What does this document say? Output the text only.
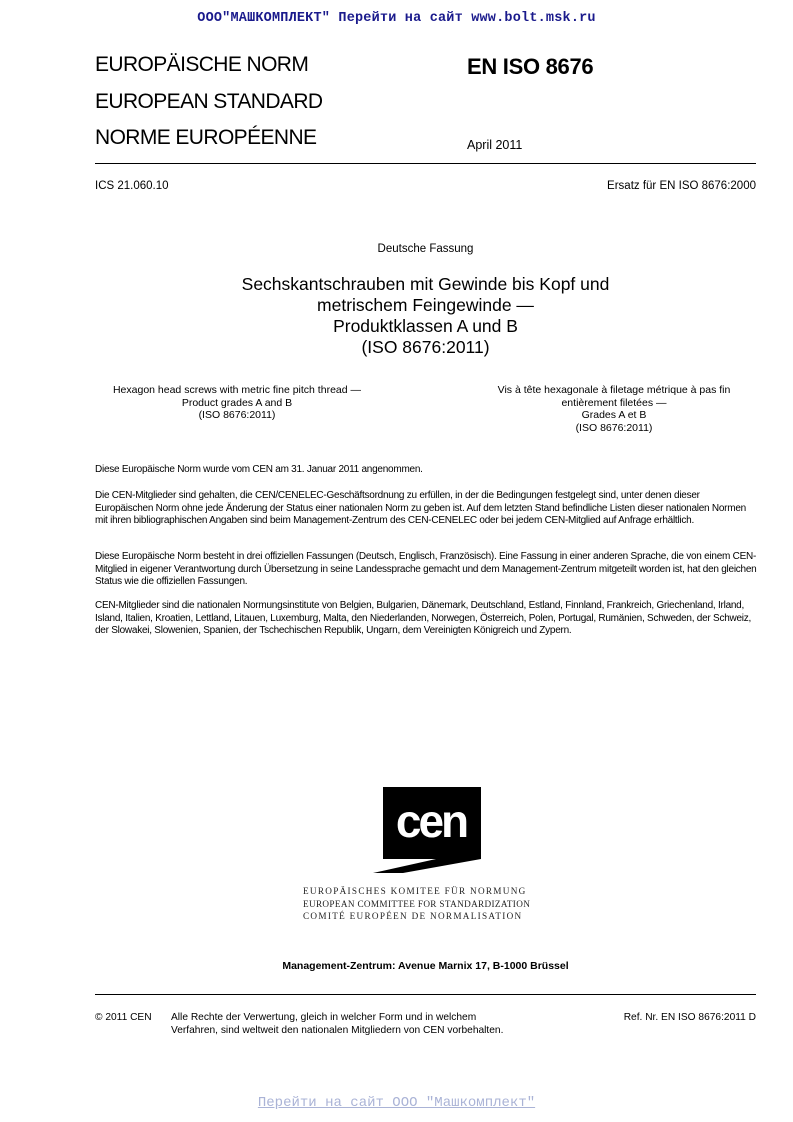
ООО"МАШКОМПЛЕКТ" Перейти на сайт www.bolt.msk.ru
EUROPÄISCHE NORM
EUROPEAN STANDARD
NORME EUROPÉENNE
EN ISO 8676
April 2011
ICS 21.060.10	Ersatz für EN ISO 8676:2000
Deutsche Fassung
Sechskantschrauben mit Gewinde bis Kopf und
metrischem Feingewinde —
Produktklassen A und B
(ISO 8676:2011)
Hexagon head screws with metric fine pitch thread —
Product grades A and B
(ISO 8676:2011)
Vis à tête hexagonale à filetage métrique à pas fin
entièrement filetées —
Grades A et B
(ISO 8676:2011)
Diese Europäische Norm wurde vom CEN am 31. Januar 2011 angenommen.
Die CEN-Mitglieder sind gehalten, die CEN/CENELEC-Geschäftsordnung zu erfüllen, in der die Bedingungen festgelegt sind, unter denen dieser Europäischen Norm ohne jede Änderung der Status einer nationalen Norm zu geben ist. Auf dem letzten Stand befindliche Listen dieser nationalen Normen mit ihren bibliographischen Angaben sind beim Management-Zentrum des CEN-CENELEC oder bei jedem CEN-Mitglied auf Anfrage erhältlich.
Diese Europäische Norm besteht in drei offiziellen Fassungen (Deutsch, Englisch, Französisch). Eine Fassung in einer anderen Sprache, die von einem CEN-Mitglied in eigener Verantwortung durch Übersetzung in seine Landessprache gemacht und dem Management-Zentrum mitgeteilt worden ist, hat den gleichen Status wie die offiziellen Fassungen.
CEN-Mitglieder sind die nationalen Normungsinstitute von Belgien, Bulgarien, Dänemark, Deutschland, Estland, Finnland, Frankreich, Griechenland, Irland, Island, Italien, Kroatien, Lettland, Litauen, Luxemburg, Malta, den Niederlanden, Norwegen, Österreich, Polen, Portugal, Rumänien, Schweden, der Schweiz, der Slowakei, Slowenien, Spanien, der Tschechischen Republik, Ungarn, dem Vereinigten Königreich und Zypern.
cen
EUROPÄISCHES KOMITEE FÜR NORMUNG
EUROPEAN COMMITTEE FOR STANDARDIZATION
COMITÉ EUROPÉEN DE NORMALISATION
Management-Zentrum: Avenue Marnix 17, B-1000 Brüssel
© 2011 CEN Alle Rechte der Verwertung, gleich in welcher Form und in welchem
Verfahren, sind weltweit den nationalen Mitgliedern von CEN vorbehalten.
Ref. Nr. EN ISO 8676:2011 D
Перейти на сайт ООО "Машкомплект"
